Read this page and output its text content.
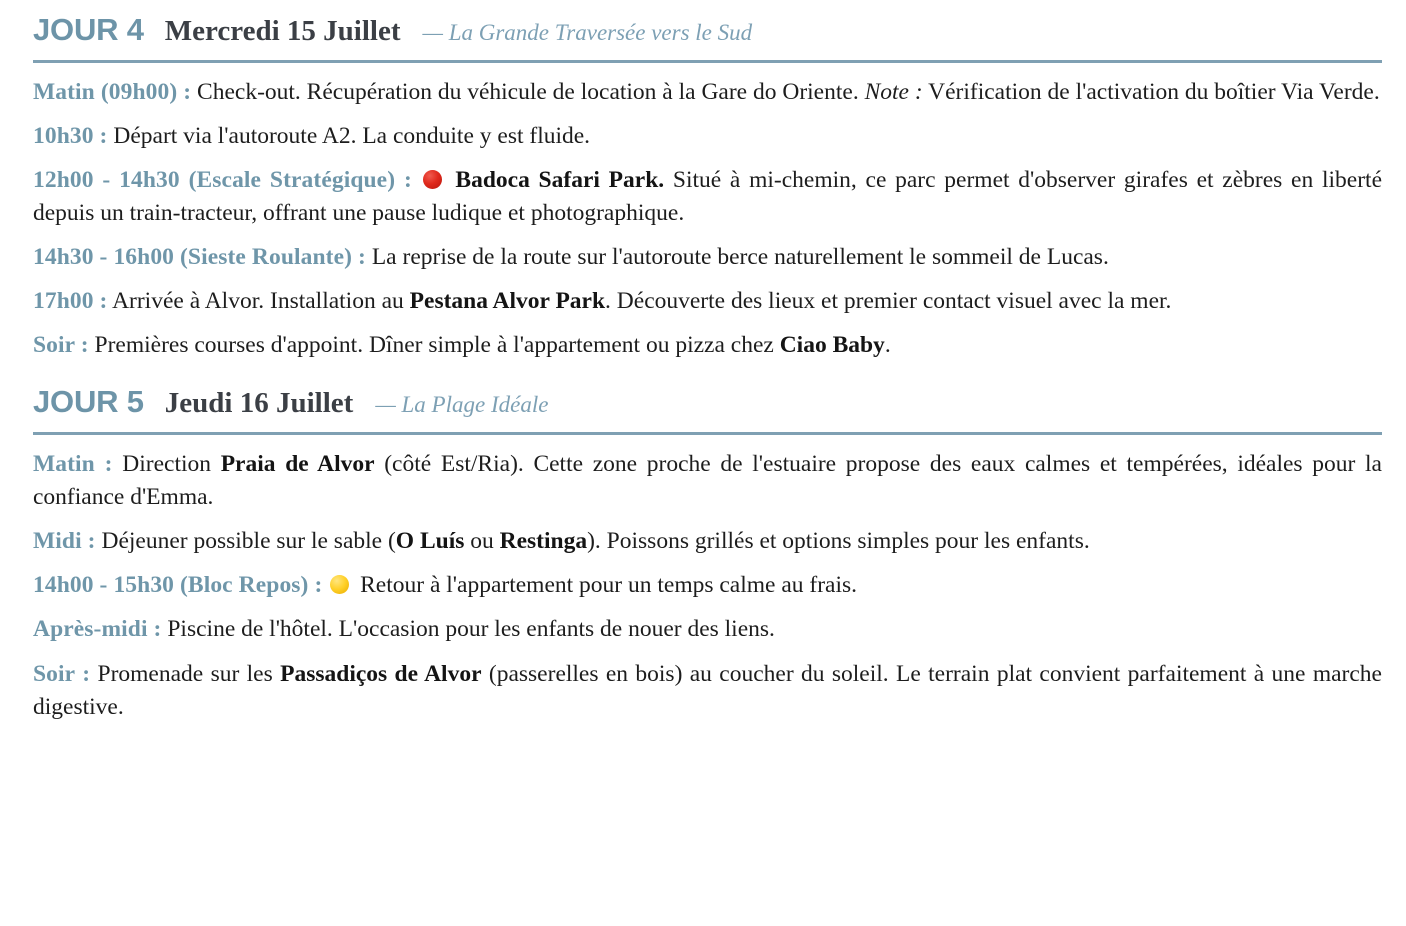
JOUR 4 Mercredi 15 Juillet — La Grande Traversée vers le Sud

Matin (09h00) : Check-out. Récupération du véhicule de location à la Gare do Oriente. Note : Vérification de l'activation du boîtier Via Verde.

10h30 : Départ via l'autoroute A2. La conduite y est fluide.

12h00 - 14h30 (Escale Stratégique) : Badoca Safari Park. Situé à mi-chemin, ce parc permet d'observer girafes et zèbres en liberté depuis un train-tracteur, offrant une pause ludique et photographique.

14h30 - 16h00 (Sieste Roulante) : La reprise de la route sur l'autoroute berce naturellement le sommeil de Lucas.

17h00 : Arrivée à Alvor. Installation au Pestana Alvor Park. Découverte des lieux et premier contact visuel avec la mer.

Soir : Premières courses d'appoint. Dîner simple à l'appartement ou pizza chez Ciao Baby.

JOUR 5 Jeudi 16 Juillet — La Plage Idéale

Matin : Direction Praia de Alvor (côté Est/Ria). Cette zone proche de l'estuaire propose des eaux calmes et tempérées, idéales pour la confiance d'Emma.

Midi : Déjeuner possible sur le sable (O Luís ou Restinga). Poissons grillés et options simples pour les enfants.

14h00 - 15h30 (Bloc Repos) :  Retour à l'appartement pour un temps calme au frais.

Après-midi : Piscine de l'hôtel. L'occasion pour les enfants de nouer des liens.

Soir : Promenade sur les Passadiços de Alvor (passerelles en bois) au coucher du soleil. Le terrain plat convient parfaitement à une marche digestive.
